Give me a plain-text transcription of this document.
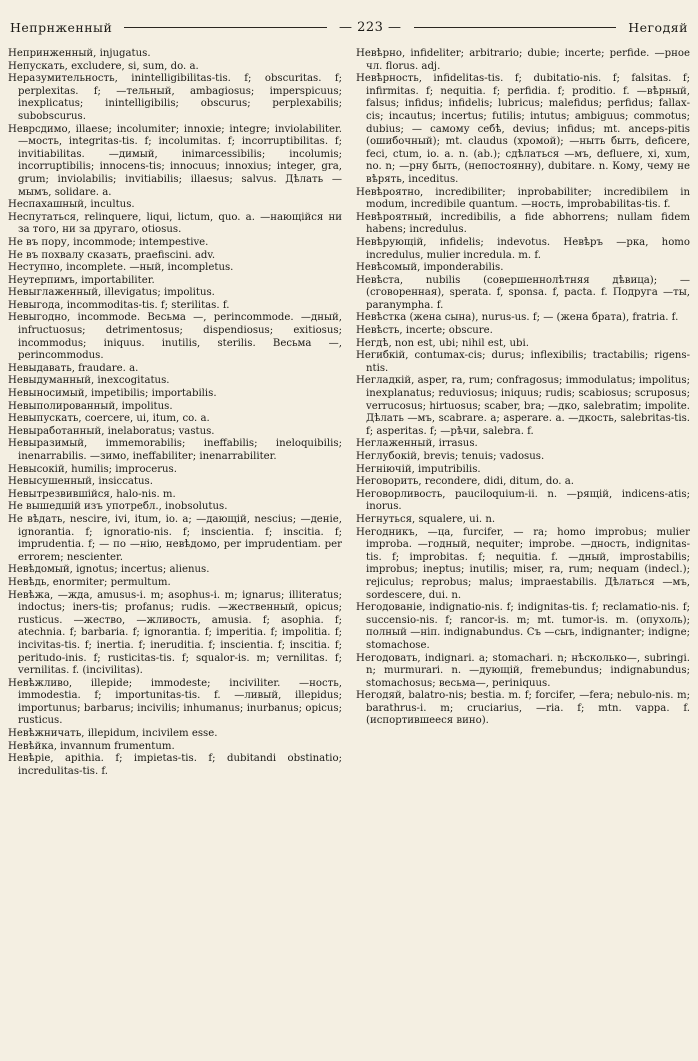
Непрнженный	— 223 —	Негодяй

Непринженный, injugatus.

Непускать, excludere, si, sum, do. a.

Неразумительность, inintelligibilitas-tis. f; obscuritas. f; perplexitas. f; —тельный, ambagiosus; imperspicuus; inexplicatus; inintelligibilis; obscurus; perplexabilis; subobscurus.

Неврсдимо, illaese; incolumiter; innoxie; integre; inviolabiliter. —мость, integritas-tis. f; incolumitas. f; incorruptibilitas. f; invitiabilitas. —димый, inimarcessibilis; incolumis; incorruptibilis; innocens-tis; innocuus; innoxius; integer, gra, grum; inviolabilis; invitiabilis; illaesus; salvus. Дѣлать —мымъ, solidare. a.

Неспахашный, incultus.

Неспутаться, relinquere, liqui, lictum, quo. a. —нающійся ни за того, ни за другаго, otiosus.

Не въ пору, incommode; intempestive.

Не въ похвалу сказать, praefiscini. adv.

Неступно, incomplete. —ный, incompletus.

Неутерпимъ, importabiliter.

Невыглаженный, illevigatus; impolitus.

Невыгода, incommoditas-tis. f; sterilitas. f.

Невыгодно, incommode. Весьма —, perincommode. —дный, infructuosus; detrimentosus; dispendiosus; exitiosus; incommodus; iniquus. inutilis, sterilis. Весьма —, perincommodus.

Невыдавать, fraudare. a.

Невыдуманный, inexcogitatus.

Невыносимый, impetibilis; importabilis.

Невыполированный, impolitus.

Невыпускать, coercere, ui, itum, co. a.

Невыработанный, inelaboratus; vastus.

Невыразимый, immemorabilis; ineffabilis; ineloquibilis; inenarrabilis. —зимо, ineffabiliter; inenarrabiliter.

Невысокій, humilis; improcerus.

Невысушенный, insiccatus.

Невытрезвившійся, halo-nis. m.

Не вышедшій изъ употребл., inobsolutus.

Не вѣдать, nescire, ivi, itum, io. a; —дающій, nescius; —деніе, ignorantia. f; ignoratio-nis. f; inscientia. f; inscitia. f; imprudentia. f; — по —нію, невѣдомо, per imprudentiam. per errorem; nescienter.

Невѣдомый, ignotus; incertus; alienus.

Невѣдь, enormiter; permultum.

Невѣжа, —жда, amusus-i. m; asophus-i. m; ignarus; illiteratus; indoctus; iners-tis; profanus; rudis. —жественный, opicus; rusticus. —жество, —жливость, amusia. f; asophia. f; atechnia. f; barbaria. f; ignorantia. f; imperitia. f; impolitia. f; incivitas-tis. f; inertia. f; ineruditia. f; inscientia. f; inscitia. f; peritudo-inis. f; rusticitas-tis. f; squalor-is. m; vernilitas. f; vernilitas. f. (incivilitas).

Невѣжливо, illepide; immodeste; inciviliter. —ность, immodestia. f; importunitas-tis. f. —ливый, illepidus; importunus; barbarus; incivilis; inhumanus; inurbanus; opicus; rusticus.

Невѣжничать, illepidum, incivilem esse.

Невѣйка, invannum frumentum.

Невѣріе, apithia. f; impietas-tis. f; dubitandi obstinatio; incredulitas-tis. f.

Невѣрно, infideliter; arbitrario; dubie; incerte; perfide. —рное чл. florus. adj.

Невѣрность, infidelitas-tis. f; dubitatio-nis. f; falsitas. f; infirmitas. f; nequitia. f; perfidia. f; proditio. f. —вѣрный, falsus; infidus; infidelis; lubricus; malefidus; perfidus; fallax-cis; incautus; incertus; futilis; intutus; ambiguus; commotus; dubius; — самому себѣ, devius; infidus; mt. anceps-pitis (ошибочный); mt. claudus (хромой); —ныть быть, deficere, feci, ctum, io. a. n. (ab.); сдѣлаться —мъ, defluere, xi, xum, no. n; —рну быть, (непостоянну), dubitare. n. Кому, чему не вѣрять, inceditus.

Невѣроятно, incredibiliter; inprobabiliter; incredibilem in modum, incredibile quantum. —ность, improbabilitas-tis. f.

Невѣроятный, incredibilis, a fide abhorrens; nullam fidem habens; incredulus.

Невѣрующій, infidelis; indevotus. Невѣръ —рка, homo incredulus, mulier incredula. m. f.

Невѣсомый, imponderabilis.

Невѣста, nubilis (совершеннолѣтняя дѣвица); —(сговоренная), sperata. f, sponsa. f, pacta. f. Подруга —ты, paranympha. f.

Невѣстка (жена сына), nurus-us. f; — (жена брата), fratria. f.

Невѣсть, incerte; obscure.

Негдѣ, non est, ubi; nihil est, ubi.

Негибкій, contumax-cis; durus; inflexibilis; tractabilis; rigens-ntis.

Негладкій, asper, ra, rum; confragosus; immodulatus; impolitus; inexplanatus; reduviosus; iniquus; rudis; scabiosus; scruposus; verrucosus; hirtuosus; scaber, bra; —дко, salebratim; impolite. Дѣлать —мъ, scabrare. a; asperare. a. —дкость, salebritas-tis. f; asperitas. f; —рѣчи, salebra. f.

Неглаженный, irrasus.

Неглубокій, brevis; tenuis; vadosus.

Негніючій, imputribilis.

Неговорить, recondere, didi, ditum, do. a.

Неговорливость, pauciloquium-ii. n. —рящій, indicens-atis; inorus.

Негнуться, squalere, ui. n.

Негодникъ, —ца, furcifer, — ra; homo improbus; mulier improba. —годный, nequiter; improbe. —дность, indignitas-tis. f; improbitas. f; nequitia. f. —дный, improstabilis; improbus; ineptus; inutilis; miser, ra, rum; nequam (indecl.); rejiculus; reprobus; malus; impraestabilis. Дѣлаться —мъ, sordescere, dui. n.

Негодованіе, indignatio-nis. f; indignitas-tis. f; reclamatio-nis. f; succensio-nis. f; rancor-is. m; mt. tumor-is. m. (опухоль); полный —ніп. indignabundus. Съ —сыъ, indignanter; indigne; stomachose.

Негодовать, indignari. a; stomachari. n; нѣсколько—, subringi. n; murmurari. n. —дующій, fremebundus; indignabundus; stomachosus; весьма—, periniquus.

Негодяй, balatro-nis; bestia. m. f; forcifer, —fera; nebulo-nis. m; barathrus-i. m; cruciarius, —ria. f; mtn. vappa. f. (испортившееся вино).
